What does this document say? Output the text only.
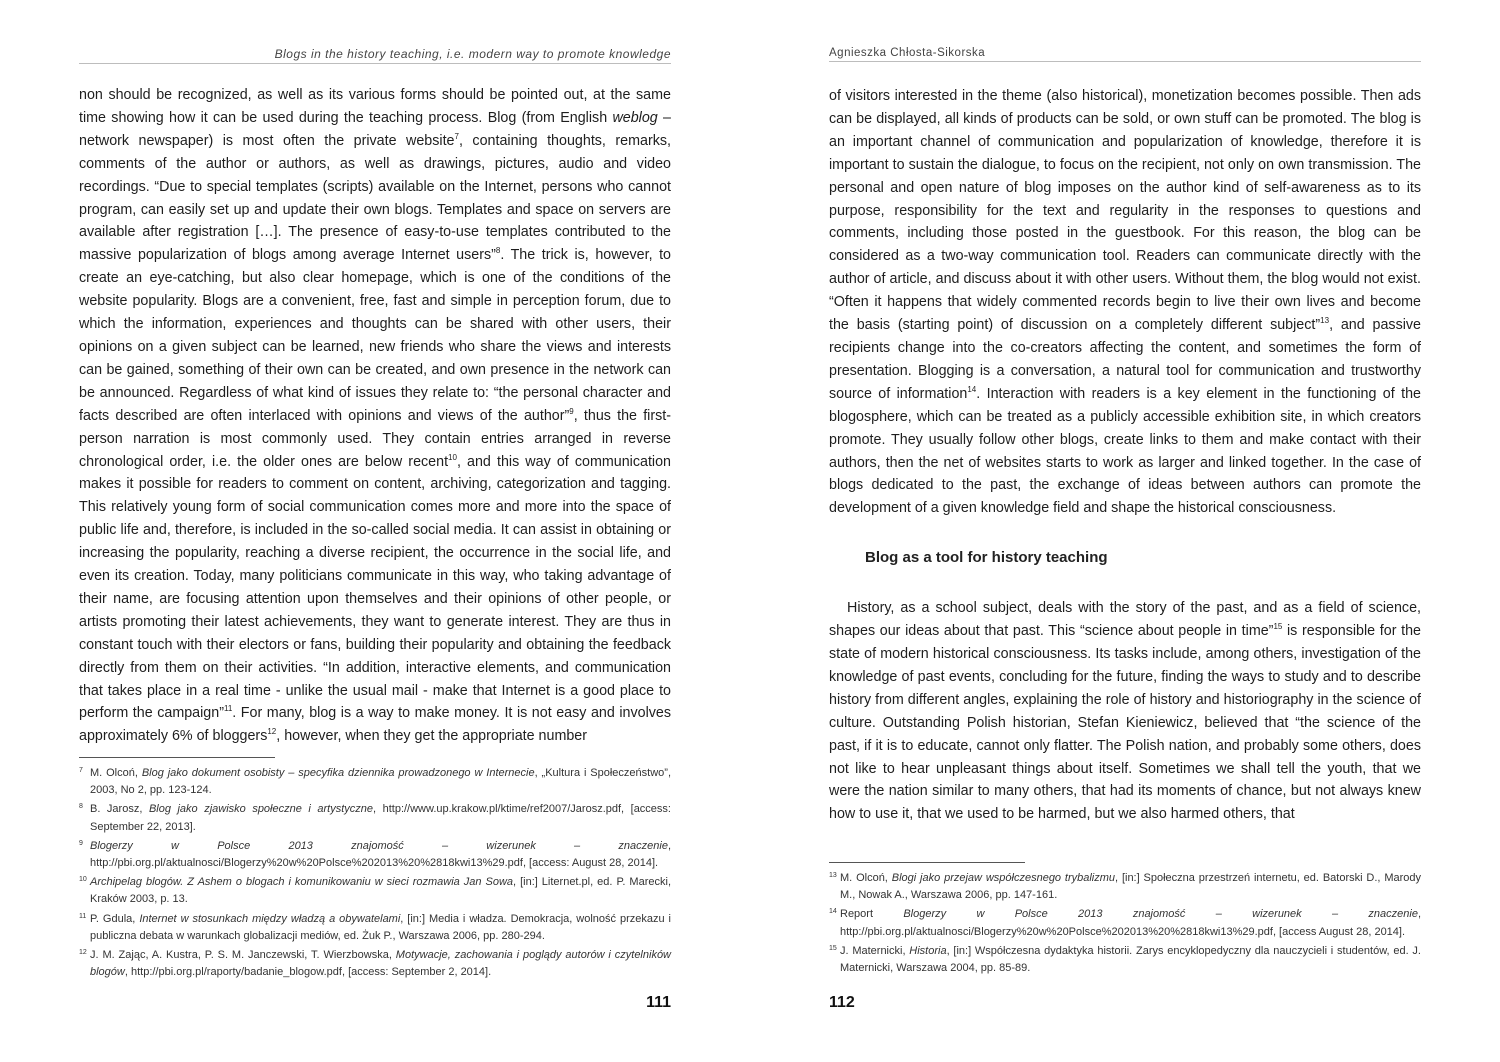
Blogs in the history teaching, i.e. modern way to promote knowledge

non should be recognized, as well as its various forms should be pointed out, at the same time showing how it can be used during the teaching process. Blog (from English weblog – network newspaper) is most often the private website$^7$, containing thoughts, remarks, comments of the author or authors, as well as drawings, pictures, audio and video recordings. “Due to special templates (scripts) available on the Internet, persons who cannot program, can easily set up and update their own blogs. Templates and space on servers are available after registration […]. The presence of easy-to-use templates contributed to the massive popularization of blogs among average Internet users”$^8$. The trick is, however, to create an eye-catching, but also clear homepage, which is one of the conditions of the website popularity. Blogs are a convenient, free, fast and simple in perception forum, due to which the information, experiences and thoughts can be shared with other users, their opinions on a given subject can be learned, new friends who share the views and interests can be gained, something of their own can be created, and own presence in the network can be announced. Regardless of what kind of issues they relate to: “the personal character and facts described are often interlaced with opinions and views of the author”$^9$, thus the first-person narration is most commonly used. They contain entries arranged in reverse chronological order, i.e. the older ones are below recent$^{10}$, and this way of communication makes it possible for readers to comment on content, archiving, categorization and tagging. This relatively young form of social communication comes more and more into the space of public life and, therefore, is included in the so-called social media. It can assist in obtaining or increasing the popularity, reaching a diverse recipient, the occurrence in the social life, and even its creation. Today, many politicians communicate in this way, who taking advantage of their name, are focusing attention upon themselves and their opinions of other people, or artists promoting their latest achievements, they want to generate interest. They are thus in constant touch with their electors or fans, building their popularity and obtaining the feedback directly from them on their activities. “In addition, interactive elements, and communication that takes place in a real time - unlike the usual mail - make that Internet is a good place to perform the campaign”$^{11}$. For many, blog is a way to make money. It is not easy and involves approximately 6% of bloggers$^{12}$, however, when they get the appropriate number

7 M. Olcoń, Blog jako dokument osobisty – specyfika dziennika prowadzonego w Internecie, „Kultura i Społeczeństwo”, 2003, No 2, pp. 123-124.
8 B. Jarosz, Blog jako zjawisko społeczne i artystyczne, http://www.up.krakow.pl/ktime/ref2007/Jarosz.pdf, [access: September 22, 2013].
9 Blogerzy w Polsce 2013 znajomość – wizerunek – znaczenie, http://pbi.org.pl/aktualnosci/Blogerzy%20w%20Polsce%202013%20%2818kwi13%29.pdf, [access: August 28, 2014].
10 Archipelag blogów. Z Ashem o blogach i komunikowaniu w sieci rozmawia Jan Sowa, [in:] Liternet.pl, ed. P. Marecki, Kraków 2003, p. 13.
11 P. Gdula, Internet w stosunkach między władzą a obywatelami, [in:] Media i władza. Demokracja, wolność przekazu i publiczna debata w warunkach globalizacji mediów, ed. Żuk P., Warszawa 2006, pp. 280-294.
12 J. M. Zając, A. Kustra, P. S. M. Janczewski, T. Wierzbowska, Motywacje, zachowania i poglądy autorów i czytelników blogów, http://pbi.org.pl/raporty/badanie_blogow.pdf, [access: September 2, 2014].
111
Agnieszka Chłosta-Sikorska

of visitors interested in the theme (also historical), monetization becomes possible. Then ads can be displayed, all kinds of products can be sold, or own stuff can be promoted. The blog is an important channel of communication and popularization of knowledge, therefore it is important to sustain the dialogue, to focus on the recipient, not only on own transmission. The personal and open nature of blog imposes on the author kind of self-awareness as to its purpose, responsibility for the text and regularity in the responses to questions and comments, including those posted in the guestbook. For this reason, the blog can be considered as a two-way communication tool. Readers can communicate directly with the author of article, and discuss about it with other users. Without them, the blog would not exist. “Often it happens that widely commented records begin to live their own lives and become the basis (starting point) of discussion on a completely different subject”$^{13}$, and passive recipients change into the co-creators affecting the content, and sometimes the form of presentation. Blogging is a conversation, a natural tool for communication and trustworthy source of information$^{14}$. Interaction with readers is a key element in the functioning of the blogosphere, which can be treated as a publicly accessible exhibition site, in which creators promote. They usually follow other blogs, create links to them and make contact with their authors, then the net of websites starts to work as larger and linked together. In the case of blogs dedicated to the past, the exchange of ideas between authors can promote the development of a given knowledge field and shape the historical consciousness.

Blog as a tool for history teaching

History, as a school subject, deals with the story of the past, and as a field of science, shapes our ideas about that past. This “science about people in time”$^{15}$ is responsible for the state of modern historical consciousness. Its tasks include, among others, investigation of the knowledge of past events, concluding for the future, finding the ways to study and to describe history from different angles, explaining the role of history and historiography in the science of culture. Outstanding Polish historian, Stefan Kieniewicz, believed that “the science of the past, if it is to educate, cannot only flatter. The Polish nation, and probably some others, does not like to hear unpleasant things about itself. Sometimes we shall tell the youth, that we were the nation similar to many others, that had its moments of chance, but not always knew how to use it, that we used to be harmed, but we also harmed others, that

13 M. Olcoń, Blogi jako przejaw współczesnego trybalizmu, [in:] Społeczna przestrzeń internetu, ed. Batorski D., Marody M., Nowak A., Warszawa 2006, pp. 147-161.
14 Report Blogerzy w Polsce 2013 znajomość – wizerunek – znaczenie, http://pbi.org.pl/aktualnosci/Blogerzy%20w%20Polsce%202013%20%2818kwi13%29.pdf, [access August 28, 2014].
15 J. Maternicki, Historia, [in:] Współczesna dydaktyka historii. Zarys encyklopedyczny dla nauczycieli i studentów, ed. J. Maternicki, Warszawa 2004, pp. 85-89.
112
